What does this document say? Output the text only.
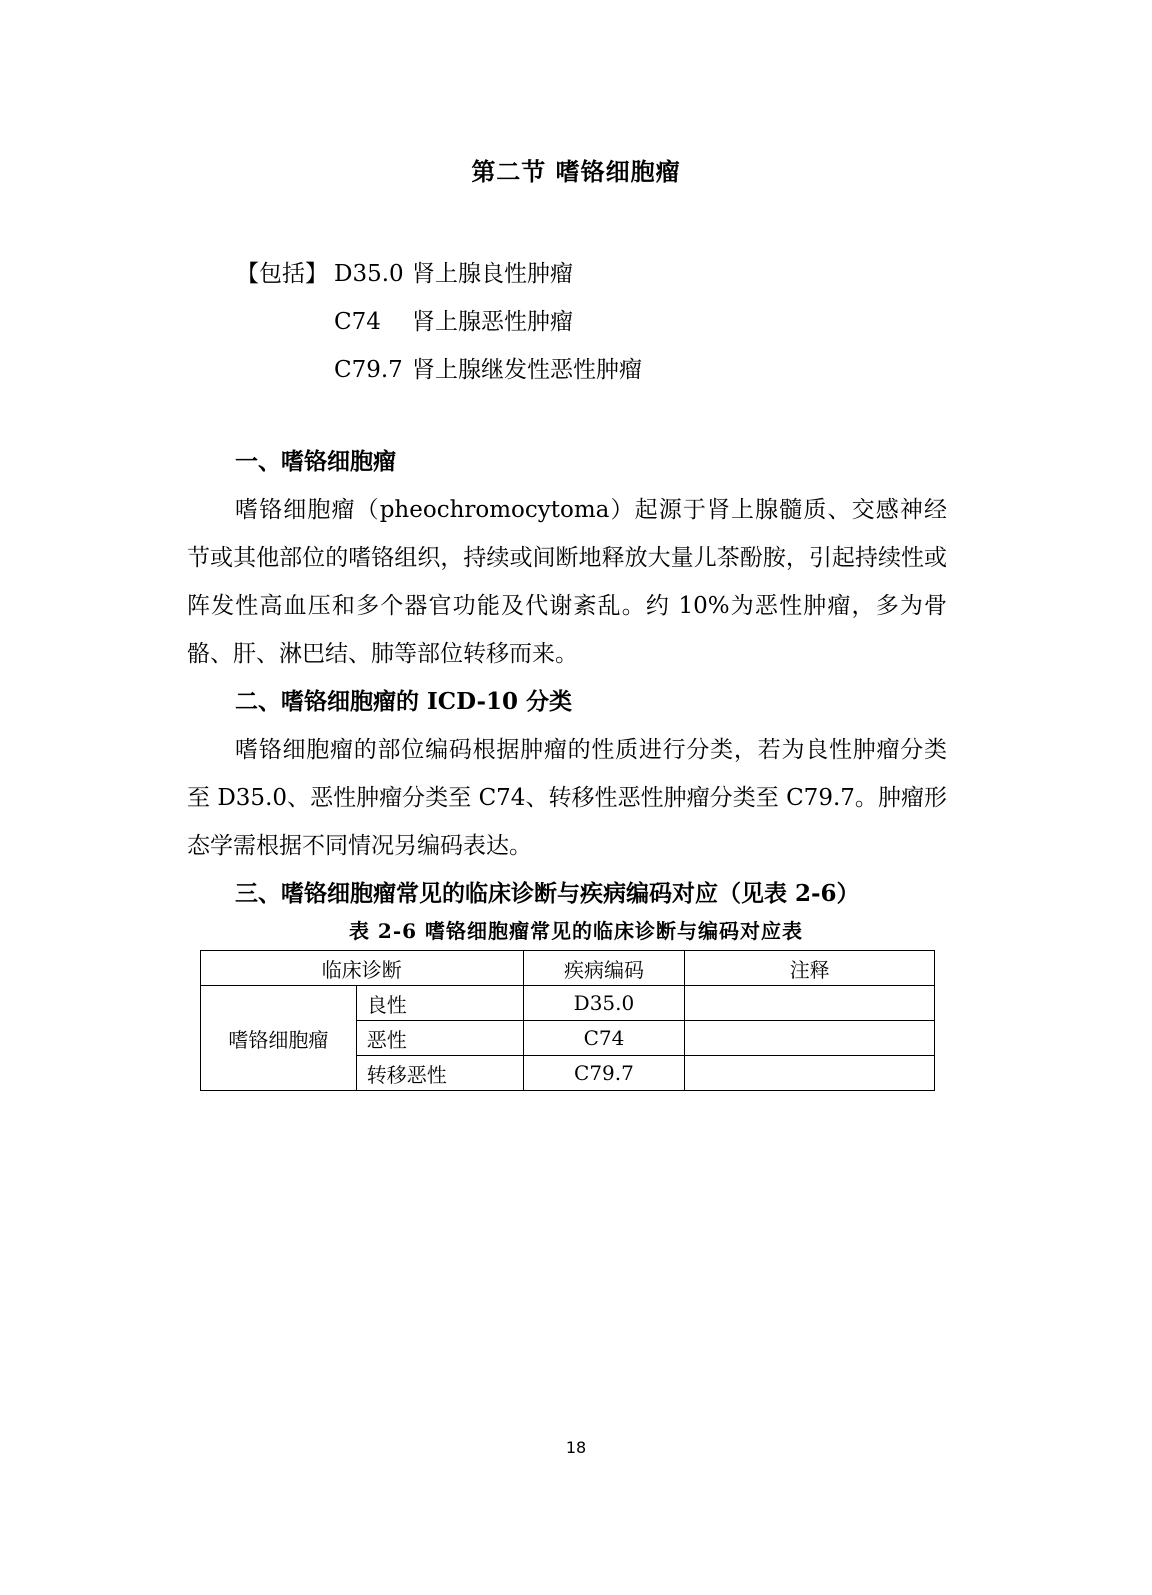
第二节 嗜铬细胞瘤
【包括】 D35.0 肾上腺良性肿瘤
C74	肾上腺恶性肿瘤
C79.7 肾上腺继发性恶性肿瘤
一、嗜铬细胞瘤

嗜铬细胞瘤（pheochromocytoma）起源于肾上腺髓质、交感神经节或其他部位的嗜铬组织，持续或间断地释放大量儿茶酚胺，引起持续性或阵发性高血压和多个器官功能及代谢紊乱。约 10%为恶性肿瘤，多为骨骼、肝、淋巴结、肺等部位转移而来。

二、嗜铬细胞瘤的 ICD-10 分类

嗜铬细胞瘤的部位编码根据肿瘤的性质进行分类，若为良性肿瘤分类至 D35.0、恶性肿瘤分类至 C74、转移性恶性肿瘤分类至 C79.7。肿瘤形态学需根据不同情况另编码表达。

三、嗜铬细胞瘤常见的临床诊断与疾病编码对应（见表 2-6）
表 2-6 嗜铬细胞瘤常见的临床诊断与编码对应表
临床诊断		疾病编码	注释
嗜铬细胞瘤	良性	D35.0	
	恶性	C74	
	转移恶性	C79.7	
18
